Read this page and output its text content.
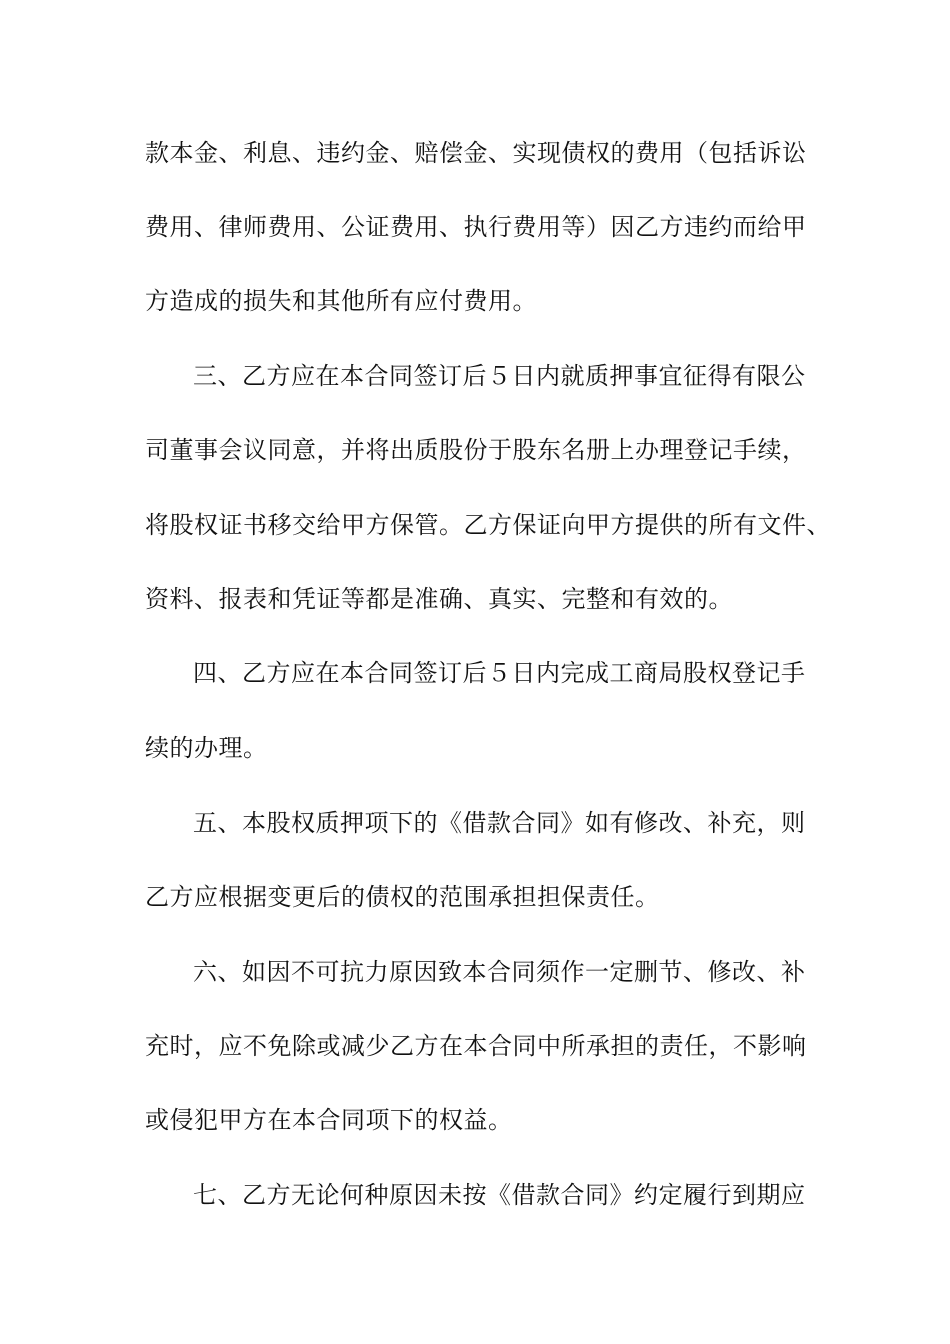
款本金、利息、违约金、赔偿金、实现债权的费用（包括诉讼
费用、律师费用、公证费用、执行费用等）因乙方违约而给甲
方造成的损失和其他所有应付费用。
三、乙方应在本合同签订后５日内就质押事宜征得有限公
司董事会议同意，并将出质股份于股东名册上办理登记手续，
将股权证书移交给甲方保管。乙方保证向甲方提供的所有文件、
资料、报表和凭证等都是准确、真实、完整和有效的。
四、乙方应在本合同签订后５日内完成工商局股权登记手
续的办理。
五、本股权质押项下的《借款合同》如有修改、补充，则
乙方应根据变更后的债权的范围承担担保责任。
六、如因不可抗力原因致本合同须作一定删节、修改、补
充时，应不免除或减少乙方在本合同中所承担的责任，不影响
或侵犯甲方在本合同项下的权益。
七、乙方无论何种原因未按《借款合同》约定履行到期应
